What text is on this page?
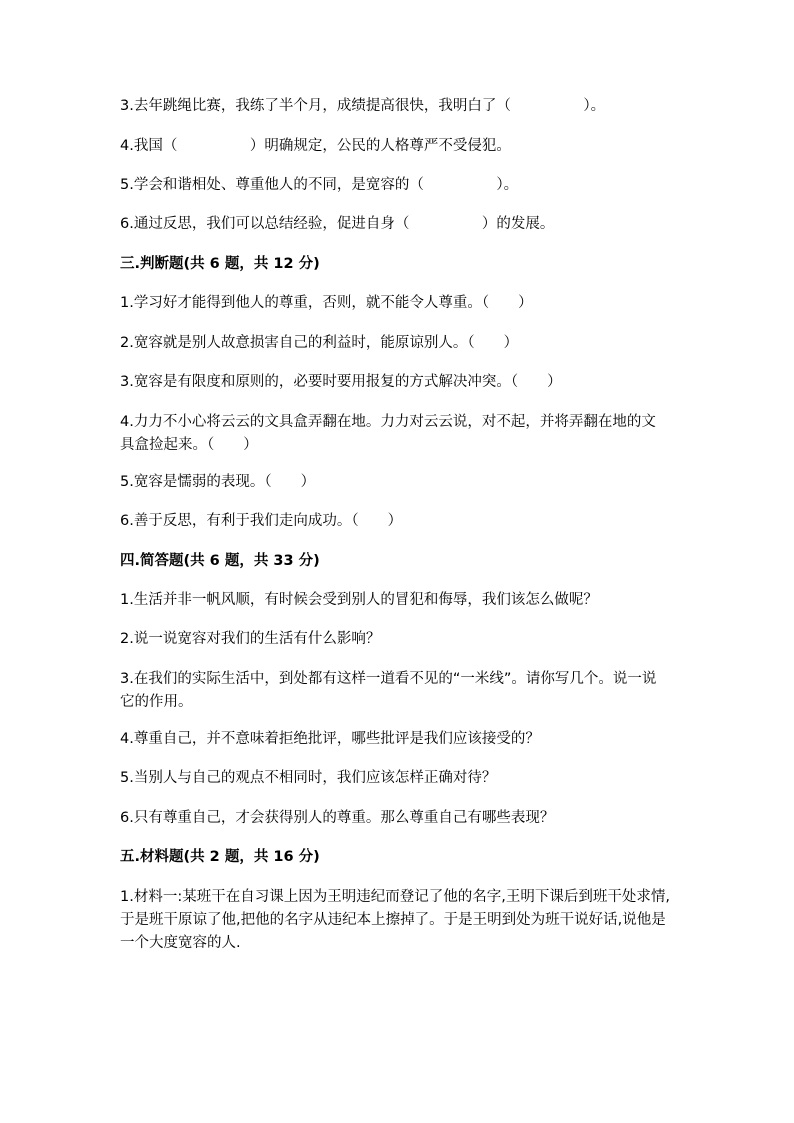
3.去年跳绳比赛，我练了半个月，成绩提高很快，我明白了（　　　　　）。

4.我国（　　　　　）明确规定，公民的人格尊严不受侵犯。

5.学会和谐相处、尊重他人的不同，是宽容的（　　　　　）。

6.通过反思，我们可以总结经验，促进自身（　　　　　）的发展。

三.判断题(共 6 题，共 12 分)

1.学习好才能得到他人的尊重，否则，就不能令人尊重。（　　）

2.宽容就是别人故意损害自己的利益时，能原谅别人。（　　）

3.宽容是有限度和原则的，必要时要用报复的方式解决冲突。（　　）

4.力力不小心将云云的文具盒弄翻在地。力力对云云说，对不起，并将弄翻在地的文具盒捡起来。（　　）

5.宽容是懦弱的表现。（　　）

6.善于反思，有利于我们走向成功。（　　）

四.简答题(共 6 题，共 33 分)

1.生活并非一帆风顺，有时候会受到别人的冒犯和侮辱，我们该怎么做呢？

2.说一说宽容对我们的生活有什么影响？

3.在我们的实际生活中，到处都有这样一道看不见的“一米线”。请你写几个。说一说它的作用。

4.尊重自己，并不意味着拒绝批评，哪些批评是我们应该接受的？

5.当别人与自己的观点不相同时，我们应该怎样正确对待？

6.只有尊重自己，才会获得别人的尊重。那么尊重自己有哪些表现？

五.材料题(共 2 题，共 16 分)

1.材料一:某班干在自习课上因为王明违纪而登记了他的名字,王明下课后到班干处求情,于是班干原谅了他,把他的名字从违纪本上擦掉了。于是王明到处为班干说好话,说他是一个大度宽容的人.
